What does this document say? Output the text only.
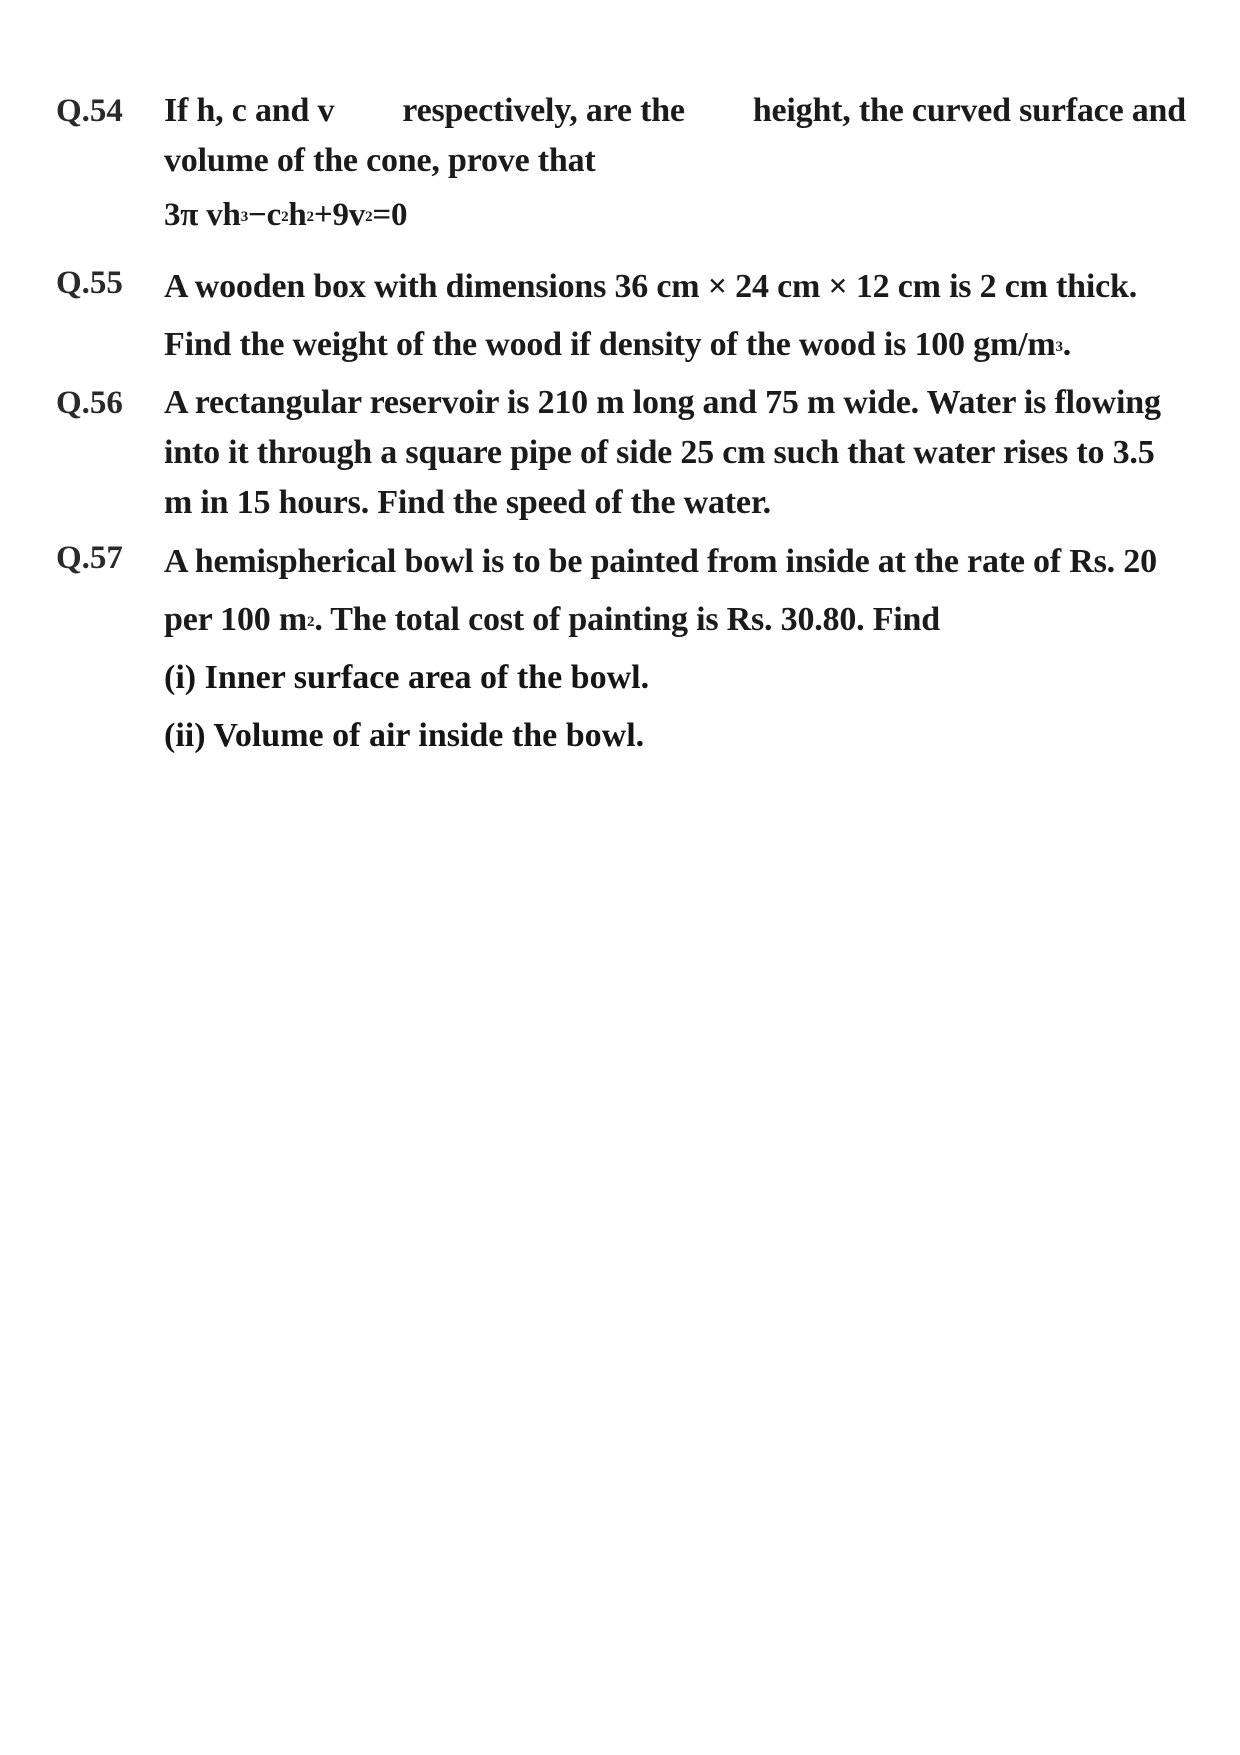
Q.54 If h, c and v respectively, are the height, the curved surface and
volume of the cone, prove that
3π $vh^3-c^2h^2+9v^2=0$
Q.55 A wooden box with dimensions 36 cm × 24 cm × 12 cm is 2 cm thick.
Find the weight of the wood if density of the wood is 100 $gm/m^3$.
Q.56 A rectangular reservoir is 210 m long and 75 m wide. Water is flowing
into it through a square pipe of side 25 cm such that water rises to 3.5
m in 15 hours. Find the speed of the water.
Q.57 A hemispherical bowl is to be painted from inside at the rate of Rs. 20
per 100 $m^2$. The total cost of painting is Rs. 30.80. Find
(i) Inner surface area of the bowl.
(ii) Volume of air inside the bowl.
